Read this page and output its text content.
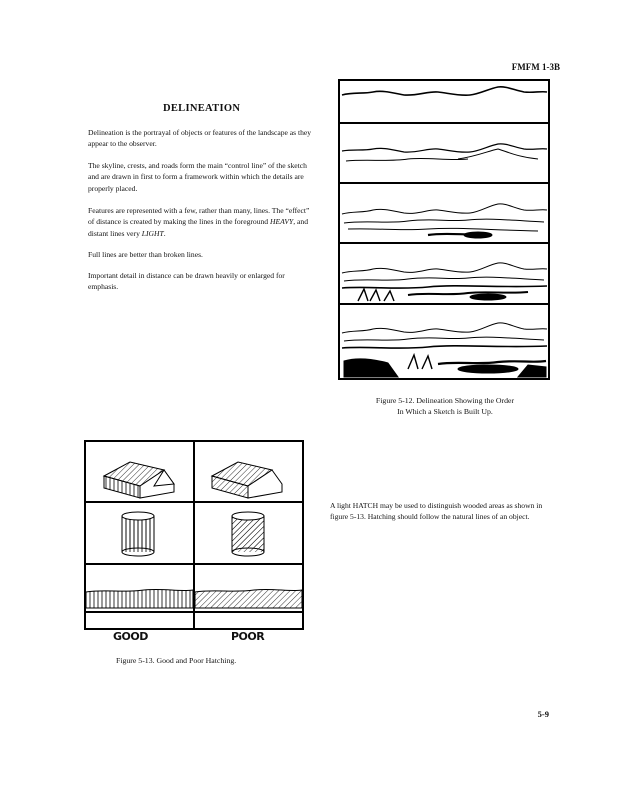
FMFM 1-3B
DELINEATION

Delineation is the portrayal of objects or features of the landscape as they appear to the observer.

The skyline, crests, and roads form the main “control line” of the sketch and are drawn in first to form a framework within which the details are properly placed.

Features are represented with a few, rather than many, lines. The “effect” of distance is created by making the lines in the foreground HEAVY, and distant lines very LIGHT.

Full lines are better than broken lines.

Important detail in distance can be drawn heavily or enlarged for emphasis.

Figure 5-12. Delineation Showing the Order
In Which a Sketch is Built Up.
GOOD	POOR
Figure 5-13. Good and Poor Hatching.

A light HATCH may be used to distinguish wooded areas as shown in figure 5-13. Hatching should follow the natural lines of an object.

5-9
